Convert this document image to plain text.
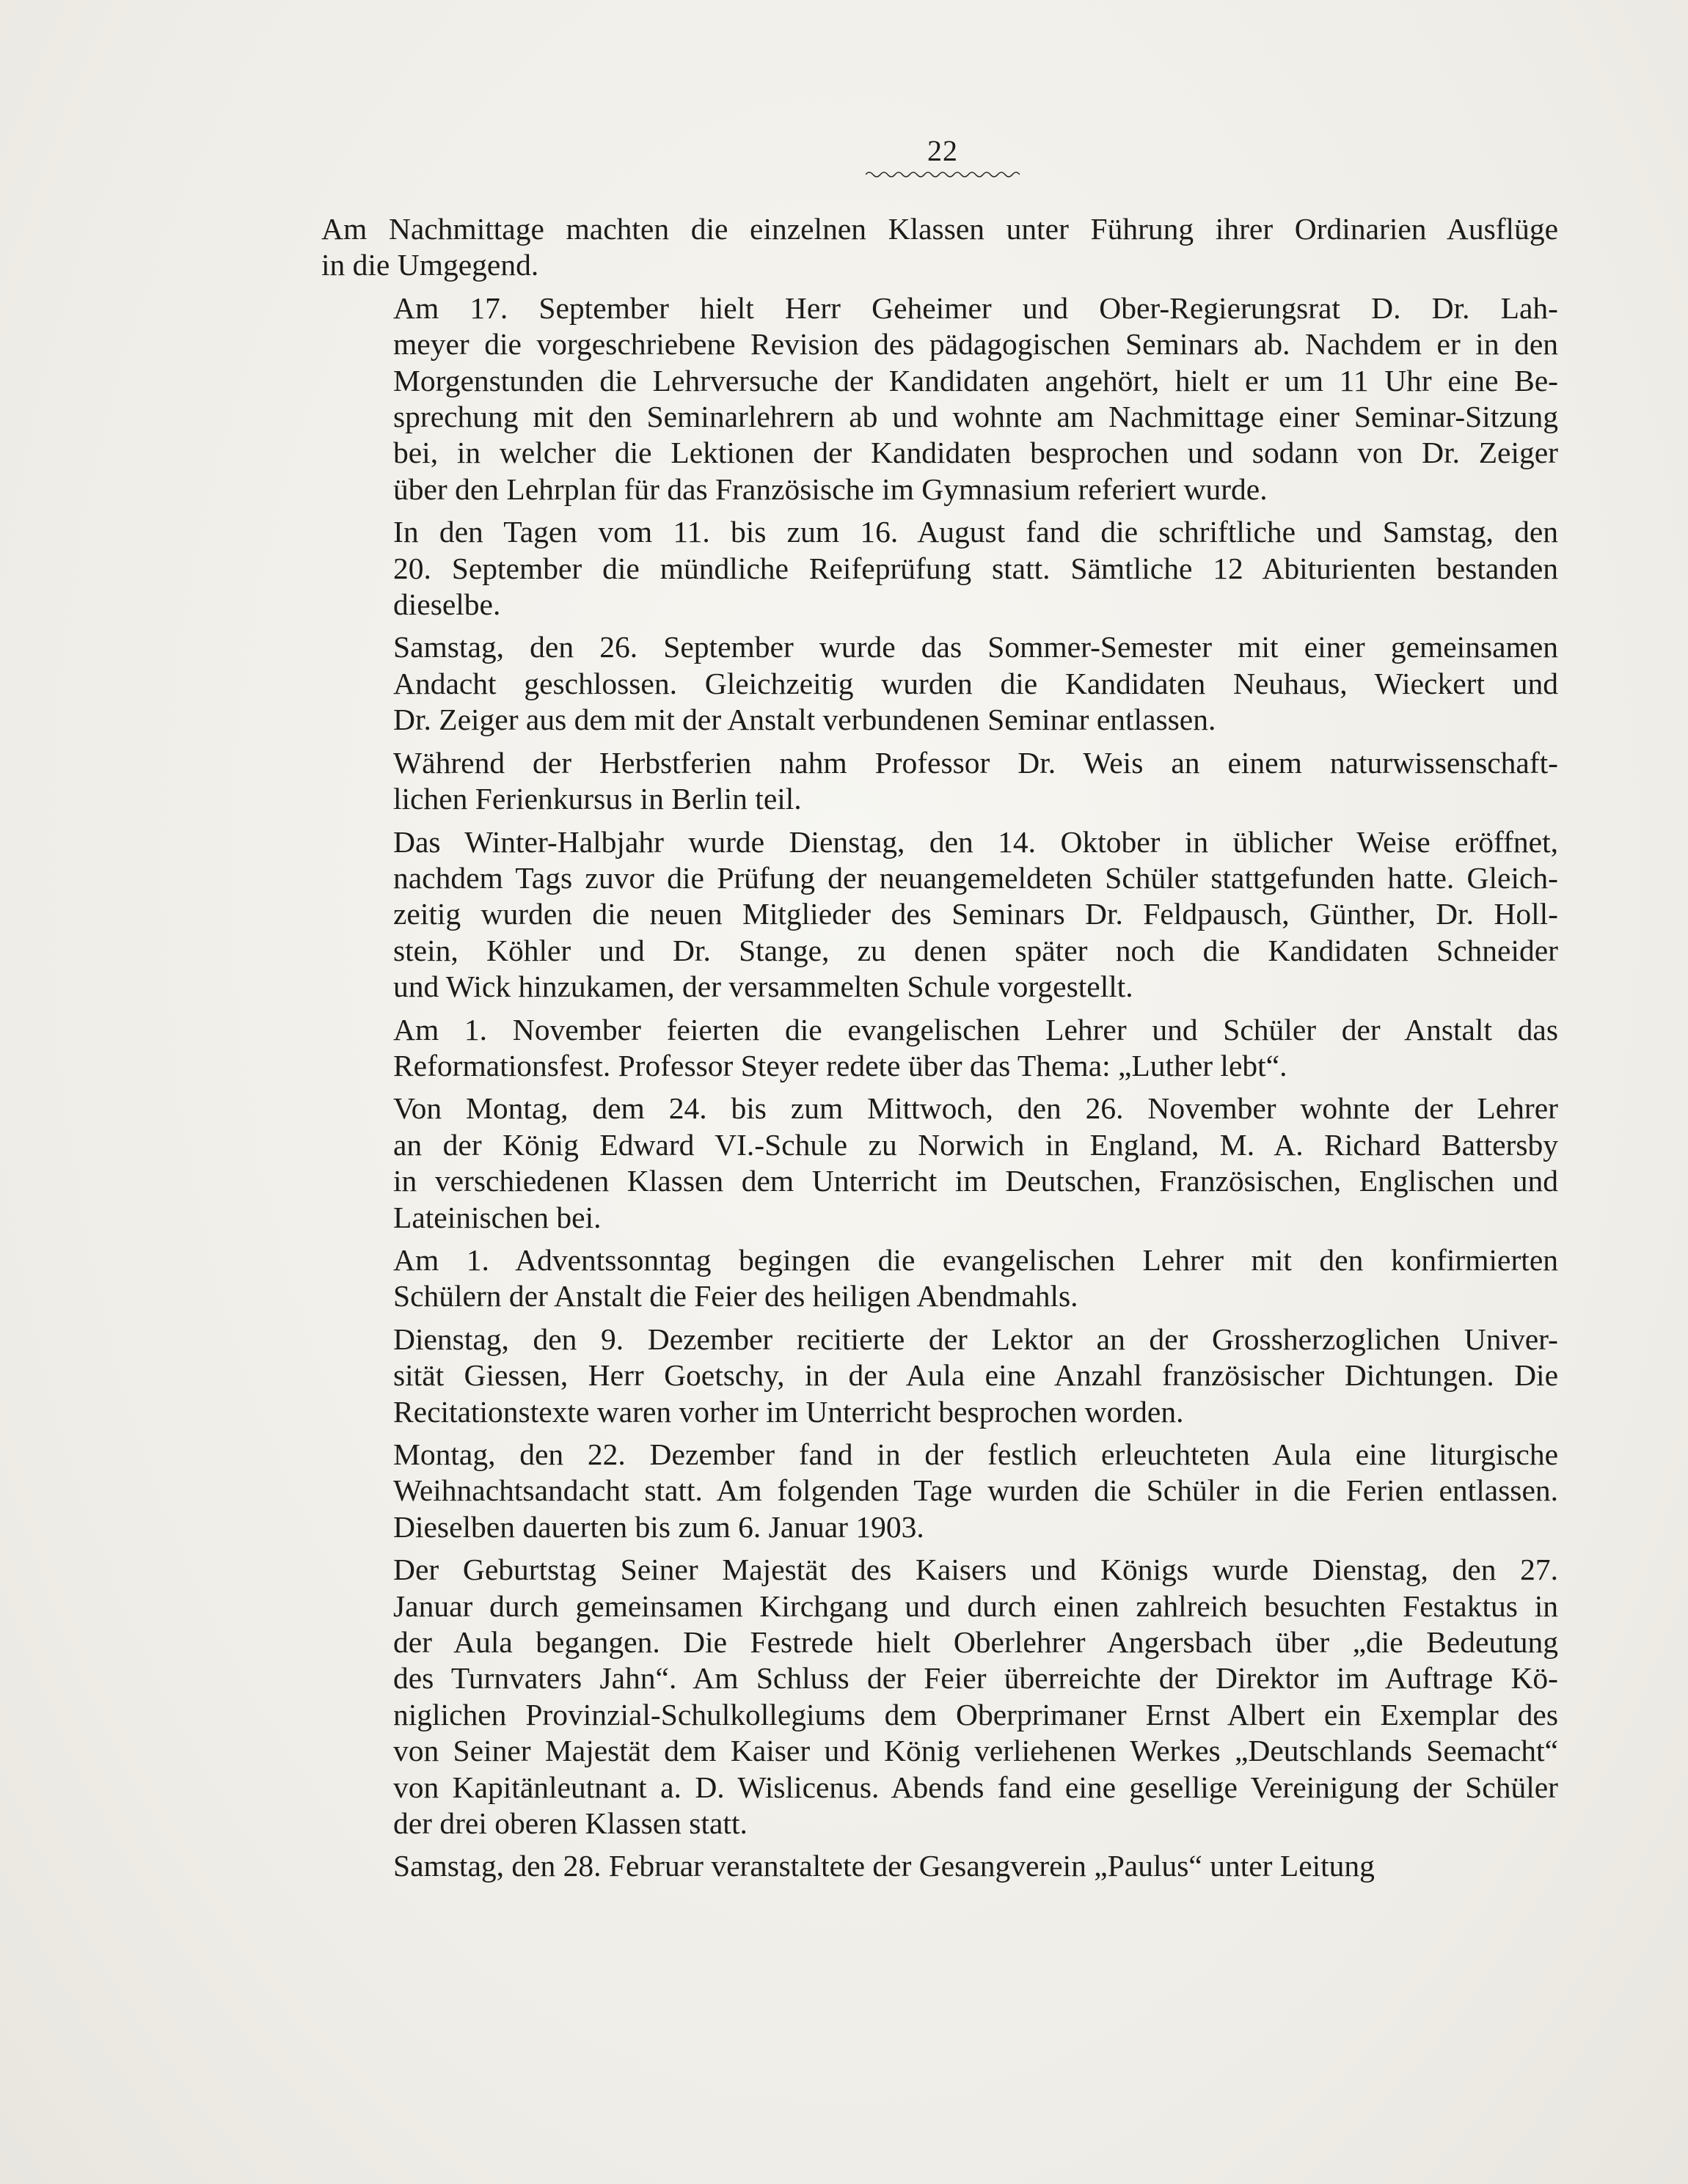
22
Am Nachmittage machten die einzelnen Klassen unter Führung ihrer Ordinarien Ausflüge
in die Umgegend.
Am 17. September hielt Herr Geheimer und Ober-Regierungsrat D. Dr. Lah-
meyer die vorgeschriebene Revision des pädagogischen Seminars ab. Nachdem er in den
Morgenstunden die Lehrversuche der Kandidaten angehört, hielt er um 11 Uhr eine Be-
sprechung mit den Seminarlehrern ab und wohnte am Nachmittage einer Seminar-Sitzung
bei, in welcher die Lektionen der Kandidaten besprochen und sodann von Dr. Zeiger
über den Lehrplan für das Französische im Gymnasium referiert wurde.
In den Tagen vom 11. bis zum 16. August fand die schriftliche und Samstag, den
20. September die mündliche Reifeprüfung statt. Sämtliche 12 Abiturienten bestanden
dieselbe.
Samstag, den 26. September wurde das Sommer-Semester mit einer gemeinsamen
Andacht geschlossen. Gleichzeitig wurden die Kandidaten Neuhaus, Wieckert und
Dr. Zeiger aus dem mit der Anstalt verbundenen Seminar entlassen.
Während der Herbstferien nahm Professor Dr. Weis an einem naturwissenschaft-
lichen Ferienkursus in Berlin teil.
Das Winter-Halbjahr wurde Dienstag, den 14. Oktober in üblicher Weise eröffnet,
nachdem Tags zuvor die Prüfung der neuangemeldeten Schüler stattgefunden hatte. Gleich-
zeitig wurden die neuen Mitglieder des Seminars Dr. Feldpausch, Günther, Dr. Holl-
stein, Köhler und Dr. Stange, zu denen später noch die Kandidaten Schneider
und Wick hinzukamen, der versammelten Schule vorgestellt.
Am 1. November feierten die evangelischen Lehrer und Schüler der Anstalt das
Reformationsfest. Professor Steyer redete über das Thema: „Luther lebt“.
Von Montag, dem 24. bis zum Mittwoch, den 26. November wohnte der Lehrer
an der König Edward VI.-Schule zu Norwich in England, M. A. Richard Battersby
in verschiedenen Klassen dem Unterricht im Deutschen, Französischen, Englischen und
Lateinischen bei.
Am 1. Adventssonntag begingen die evangelischen Lehrer mit den konfirmierten
Schülern der Anstalt die Feier des heiligen Abendmahls.
Dienstag, den 9. Dezember recitierte der Lektor an der Grossherzoglichen Univer-
sität Giessen, Herr Goetschy, in der Aula eine Anzahl französischer Dichtungen. Die
Recitationstexte waren vorher im Unterricht besprochen worden.
Montag, den 22. Dezember fand in der festlich erleuchteten Aula eine liturgische
Weihnachtsandacht statt. Am folgenden Tage wurden die Schüler in die Ferien entlassen.
Dieselben dauerten bis zum 6. Januar 1903.
Der Geburtstag Seiner Majestät des Kaisers und Königs wurde Dienstag, den 27.
Januar durch gemeinsamen Kirchgang und durch einen zahlreich besuchten Festaktus in
der Aula begangen. Die Festrede hielt Oberlehrer Angersbach über „die Bedeutung
des Turnvaters Jahn“. Am Schluss der Feier überreichte der Direktor im Auftrage Kö-
niglichen Provinzial-Schulkollegiums dem Oberprimaner Ernst Albert ein Exemplar des
von Seiner Majestät dem Kaiser und König verliehenen Werkes „Deutschlands Seemacht“
von Kapitänleutnant a. D. Wislicenus. Abends fand eine gesellige Vereinigung der Schüler
der drei oberen Klassen statt.
Samstag, den 28. Februar veranstaltete der Gesangverein „Paulus“ unter Leitung
